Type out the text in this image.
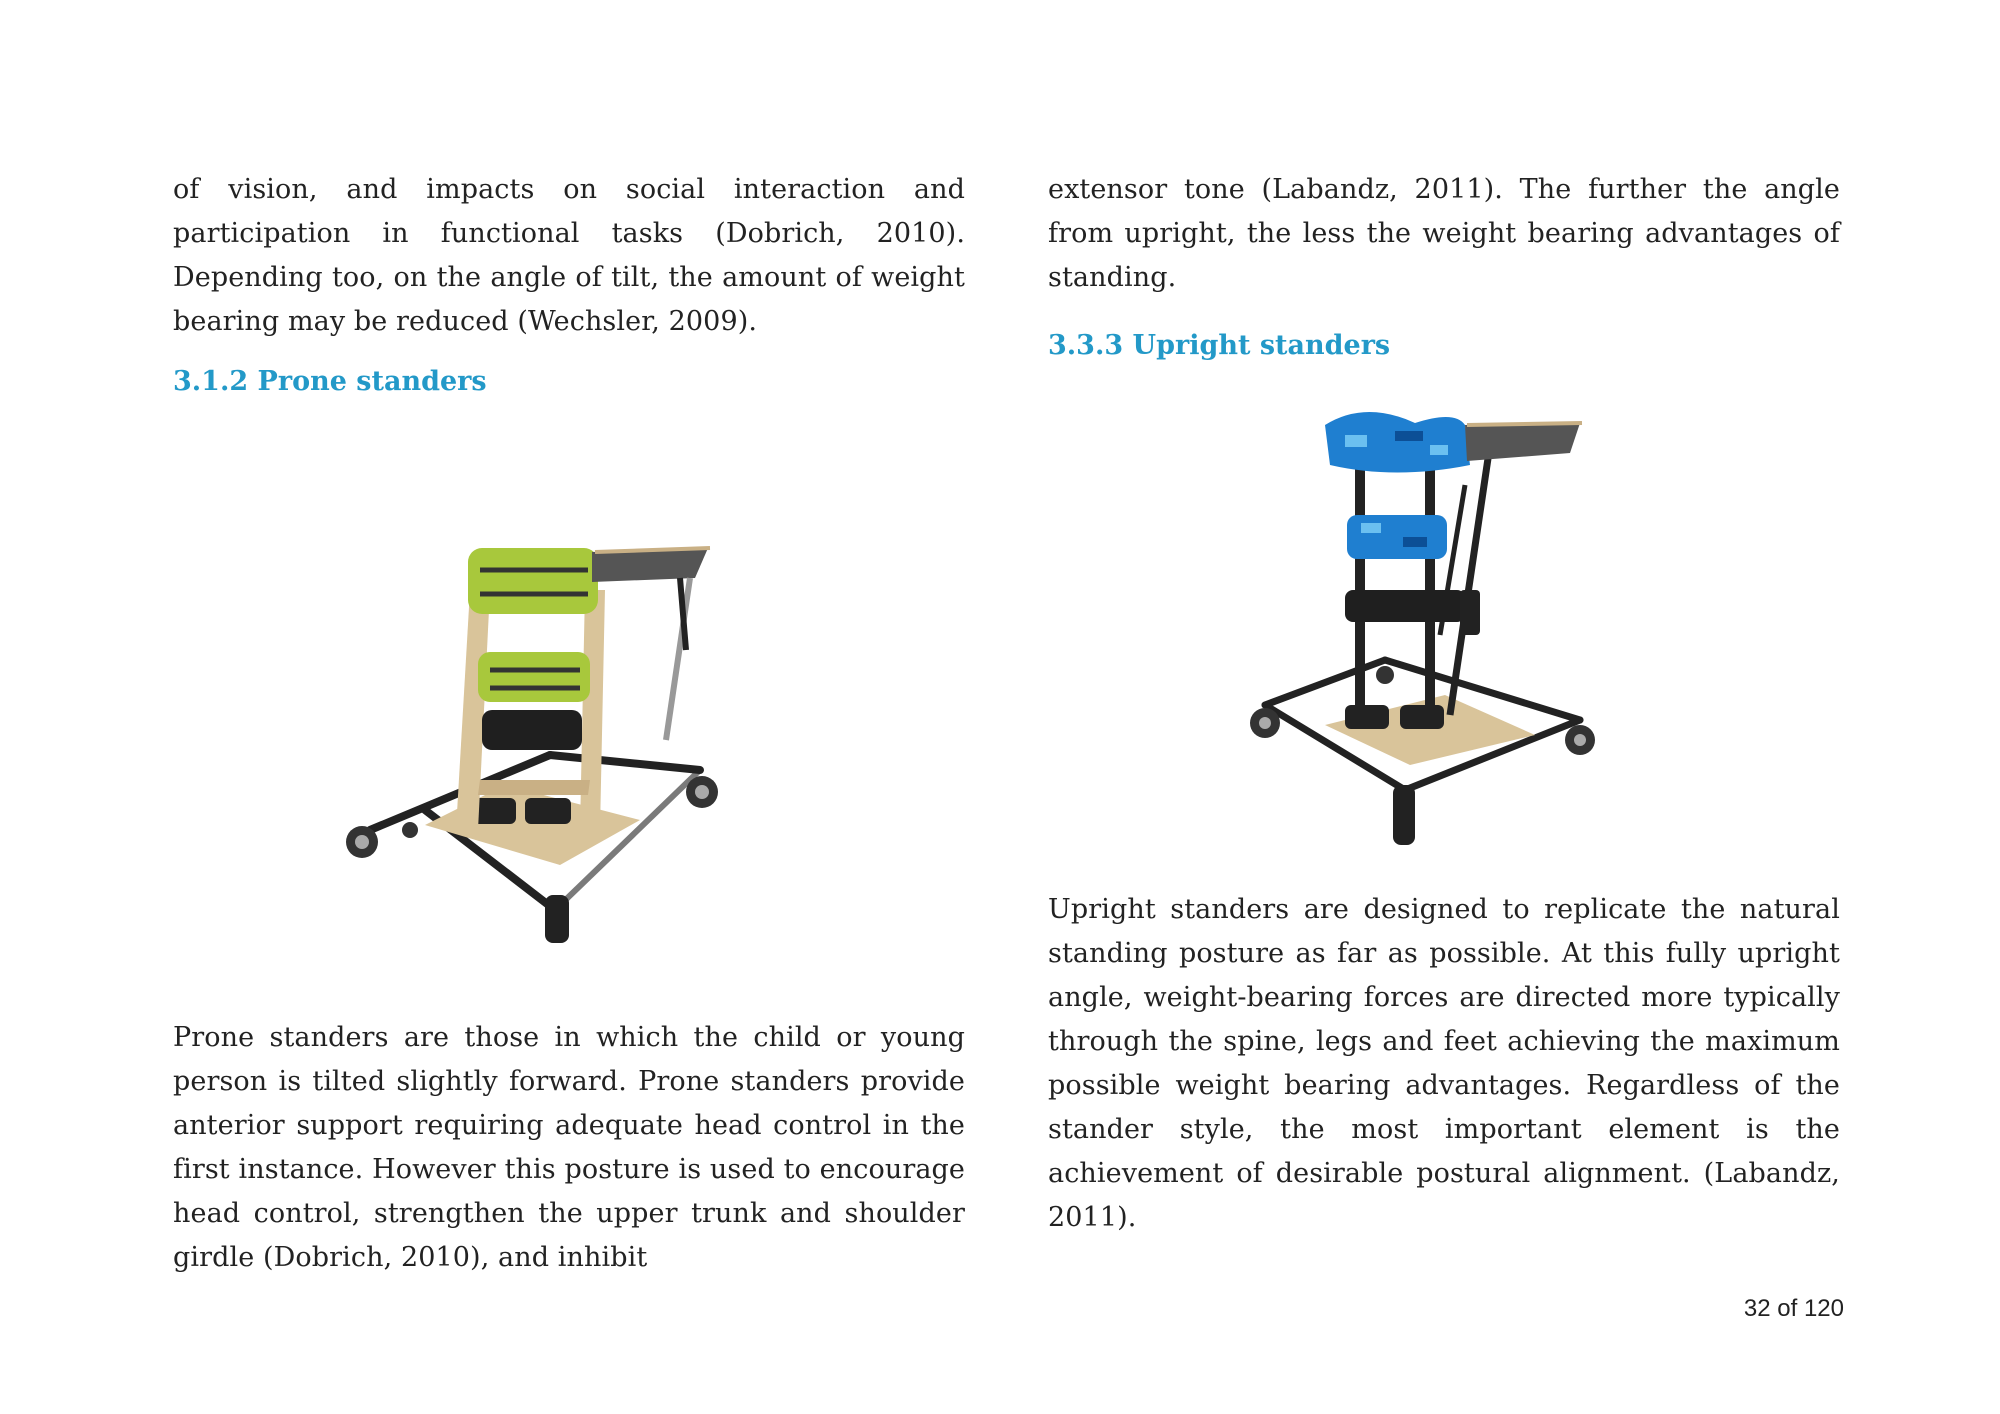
of vision, and impacts on social interaction and participation in functional tasks (Dobrich, 2010). Depending too, on the angle of tilt, the amount of weight bearing may be reduced (Wechsler, 2009).

3.1.2 Prone standers

Prone standers are those in which the child or young person is tilted slightly forward. Prone standers provide anterior support requiring adequate head control in the first instance. However this posture is used to encourage head control, strengthen the upper trunk and shoulder girdle (Dobrich, 2010), and inhibit

extensor tone (Labandz, 2011). The further the angle from upright, the less the weight bearing advantages of standing.

3.3.3 Upright standers

Upright standers are designed to replicate the natural standing posture as far as possible. At this fully upright angle, weight-bearing forces are directed more typically through the spine, legs and feet achieving the maximum possible weight bearing advantages. Regardless of the stander style, the most important element is the achievement of desirable postural alignment. (Labandz, 2011).

32 of 120
